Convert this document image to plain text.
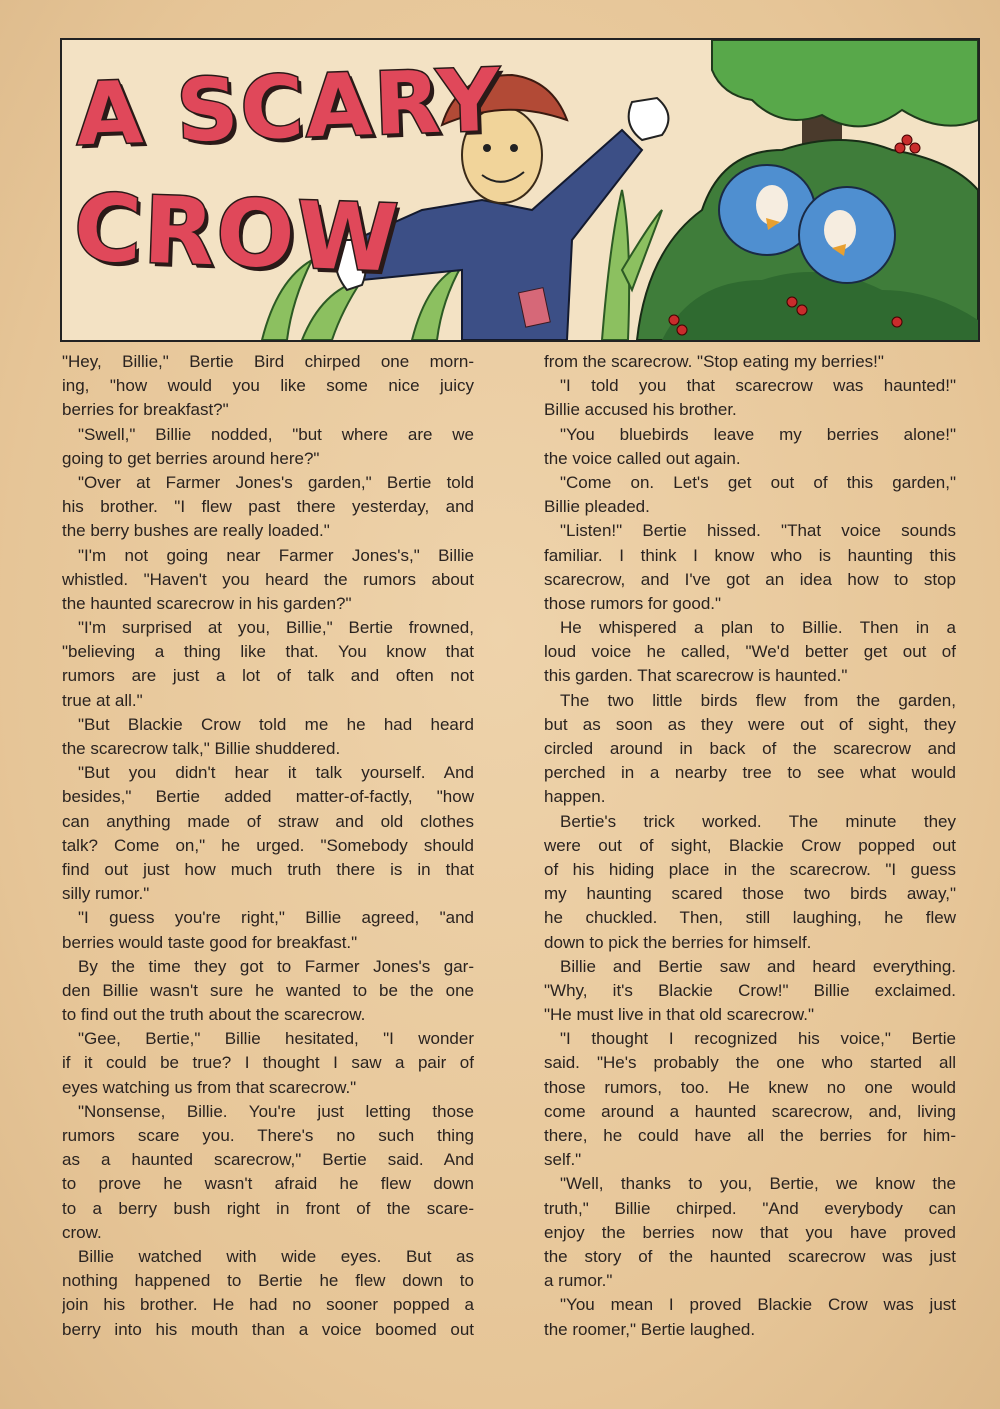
A SCARY
CROW
"Hey, Billie," Bertie Bird chirped one morn-
ing, "how would you like some nice juicy
berries for breakfast?"
"Swell," Billie nodded, "but where are we
going to get berries around here?"
"Over at Farmer Jones's garden," Bertie told
his brother. "I flew past there yesterday, and
the berry bushes are really loaded."
"I'm not going near Farmer Jones's," Billie
whistled. "Haven't you heard the rumors about
the haunted scarecrow in his garden?"
"I'm surprised at you, Billie," Bertie frowned,
"believing a thing like that. You know that
rumors are just a lot of talk and often not
true at all."
"But Blackie Crow told me he had heard
the scarecrow talk," Billie shuddered.
"But you didn't hear it talk yourself. And
besides," Bertie added matter-of-factly, "how
can anything made of straw and old clothes
talk? Come on," he urged. "Somebody should
find out just how much truth there is in that
silly rumor."
"I guess you're right," Billie agreed, "and
berries would taste good for breakfast."
By the time they got to Farmer Jones's gar-
den Billie wasn't sure he wanted to be the one
to find out the truth about the scarecrow.
"Gee, Bertie," Billie hesitated, "I wonder
if it could be true? I thought I saw a pair of
eyes watching us from that scarecrow."
"Nonsense, Billie. You're just letting those
rumors scare you. There's no such thing
as a haunted scarecrow," Bertie said. And
to prove he wasn't afraid he flew down
to a berry bush right in front of the scare-
crow.
Billie watched with wide eyes. But as
nothing happened to Bertie he flew down to
join his brother. He had no sooner popped a
berry into his mouth than a voice boomed out
from the scarecrow. "Stop eating my berries!"
"I told you that scarecrow was haunted!"
Billie accused his brother.
"You bluebirds leave my berries alone!"
the voice called out again.
"Come on. Let's get out of this garden,"
Billie pleaded.
"Listen!" Bertie hissed. "That voice sounds
familiar. I think I know who is haunting this
scarecrow, and I've got an idea how to stop
those rumors for good."
He whispered a plan to Billie. Then in a
loud voice he called, "We'd better get out of
this garden. That scarecrow is haunted."
The two little birds flew from the garden,
but as soon as they were out of sight, they
circled around in back of the scarecrow and
perched in a nearby tree to see what would
happen.
Bertie's trick worked. The minute they
were out of sight, Blackie Crow popped out
of his hiding place in the scarecrow. "I guess
my haunting scared those two birds away,"
he chuckled. Then, still laughing, he flew
down to pick the berries for himself.
Billie and Bertie saw and heard everything.
"Why, it's Blackie Crow!" Billie exclaimed.
"He must live in that old scarecrow."
"I thought I recognized his voice," Bertie
said. "He's probably the one who started all
those rumors, too. He knew no one would
come around a haunted scarecrow, and, living
there, he could have all the berries for him-
self."
"Well, thanks to you, Bertie, we know the
truth," Billie chirped. "And everybody can
enjoy the berries now that you have proved
the story of the haunted scarecrow was just
a rumor."
"You mean I proved Blackie Crow was just
the roomer," Bertie laughed.
